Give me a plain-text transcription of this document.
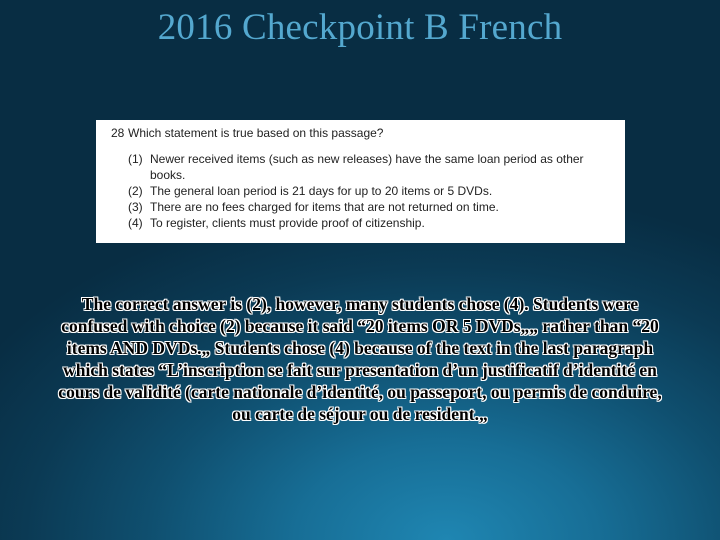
2016 Checkpoint B French
28 Which statement is true based on this passage?
(1) Newer received items (such as new releases) have the same loan period as other books.
(2) The general loan period is 21 days for up to 20 items or 5 DVDs.
(3) There are no fees charged for items that are not returned on time.
(4) To register, clients must provide proof of citizenship.
The correct answer is (2), however, many students chose (4). Students were confused with choice (2) because it said “20 items OR 5 DVDs„„ rather than “20 items AND DVDs.„ Students chose (4) because of the text in the last paragraph which states “L’inscription se fait sur presentation d’un justificatif d’identité en cours de validité (carte nationale d’identité, ou passeport, ou permis de conduire, ou carte de séjour ou de resident.„
